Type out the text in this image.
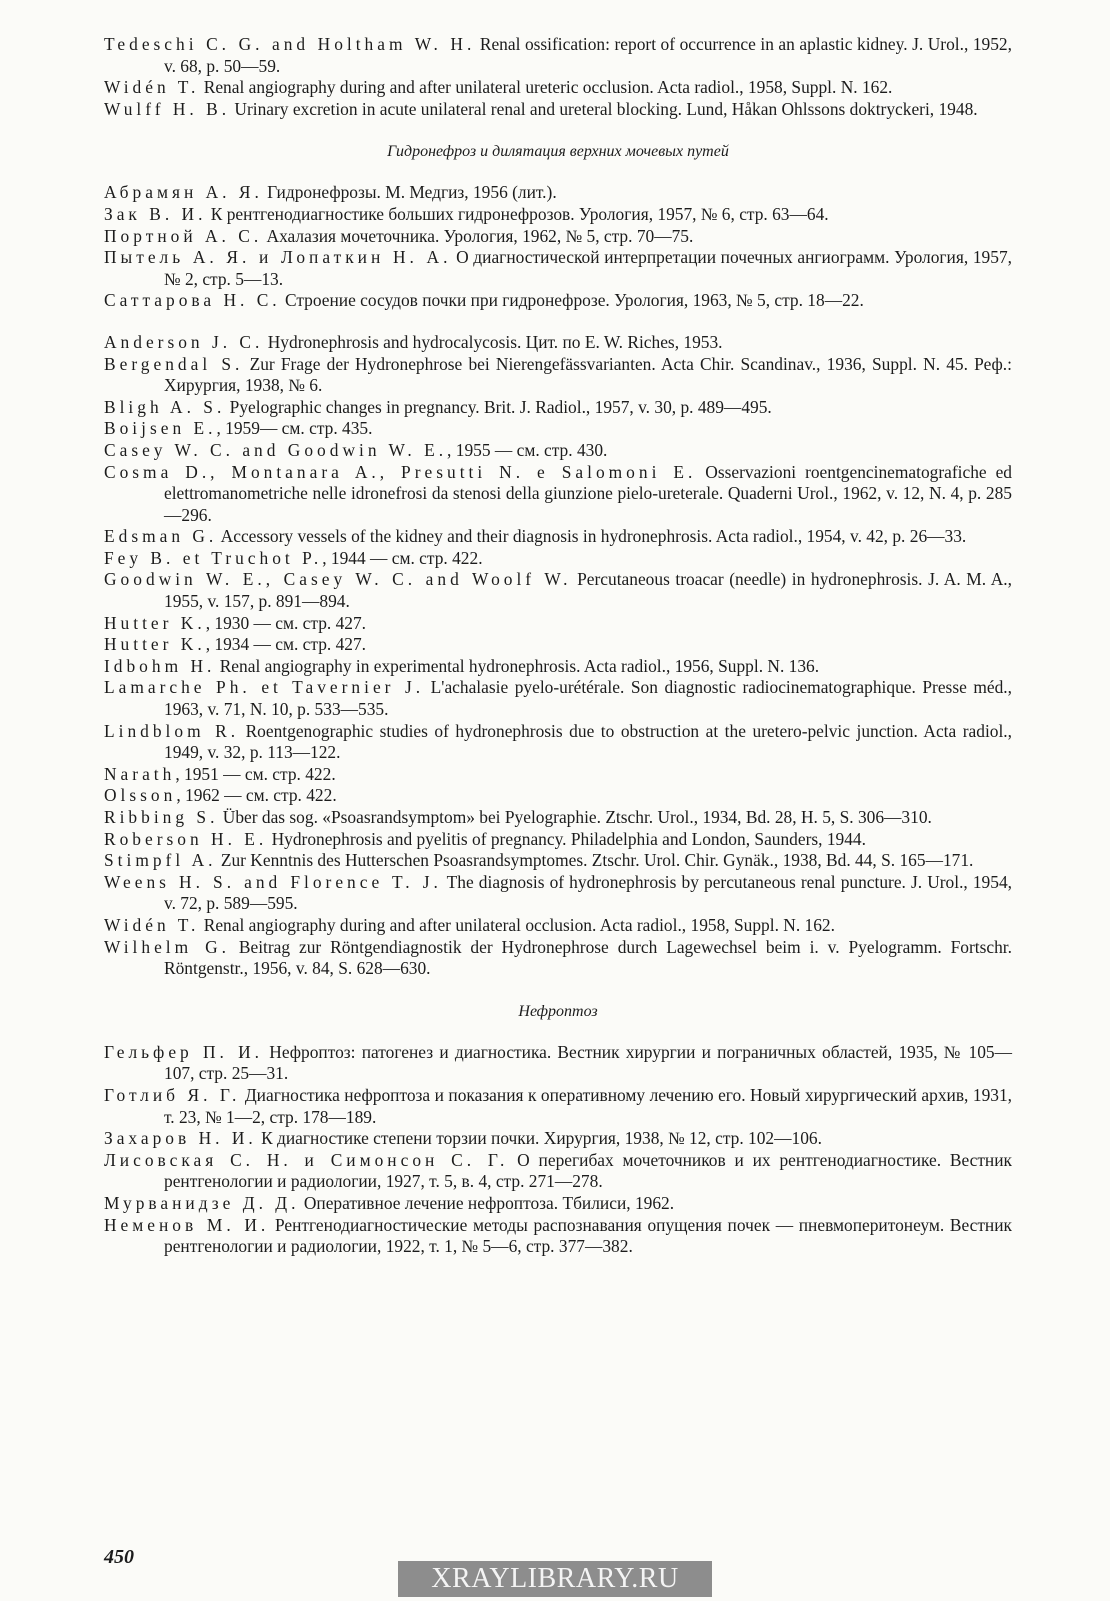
Tedeschi C. G. and Holtham W. H. Renal ossification: report of occurrence in an aplastic kidney. J. Urol., 1952, v. 68, p. 50—59.

Widén T. Renal angiography during and after unilateral ureteric occlusion. Acta radiol., 1958, Suppl. N. 162.

Wulff H. B. Urinary excretion in acute unilateral renal and ureteral blocking. Lund, Håkan Ohlssons doktryckeri, 1948.

Гидронефроз и дилятация верхних мочевых путей

Абрамян А. Я. Гидронефрозы. М. Медгиз, 1956 (лит.).

Зак В. И. К рентгенодиагностике больших гидронефрозов. Урология, 1957, № 6, стр. 63—64.

Портной А. С. Ахалазия мочеточника. Урология, 1962, № 5, стр. 70—75.

Пытель А. Я. и Лопаткин Н. А. О диагностической интерпретации почечных ангиограмм. Урология, 1957, № 2, стр. 5—13.

Саттарова Н. С. Строение сосудов почки при гидронефрозе. Урология, 1963, № 5, стр. 18—22.

Anderson J. C. Hydronephrosis and hydrocalycosis. Цит. по E. W. Riches, 1953.

Bergendal S. Zur Frage der Hydronephrose bei Nierengefässvarianten. Acta Chir. Scandinav., 1936, Suppl. N. 45. Реф.: Хирургия, 1938, № 6.

Bligh A. S. Pyelographic changes in pregnancy. Brit. J. Radiol., 1957, v. 30, p. 489—495.

Boijsen E., 1959— см. стр. 435.

Casey W. C. and Goodwin W. E., 1955 — см. стр. 430.

Cosma D., Montanara A., Presutti N. e Salomoni E. Osservazioni roentgencinematografiche ed elettromanometriche nelle idronefrosi da stenosi della giunzione pielo-ureterale. Quaderni Urol., 1962, v. 12, N. 4, p. 285—296.

Edsman G. Accessory vessels of the kidney and their diagnosis in hydronephrosis. Acta radiol., 1954, v. 42, p. 26—33.

Fey B. et Truchot P., 1944 — см. стр. 422.

Goodwin W. E., Casey W. C. and Woolf W. Percutaneous troacar (needle) in hydronephrosis. J. A. M. A., 1955, v. 157, p. 891—894.

Hutter K., 1930 — см. стр. 427.

Hutter K., 1934 — см. стр. 427.

Idbohm H. Renal angiography in experimental hydronephrosis. Acta radiol., 1956, Suppl. N. 136.

Lamarche Ph. et Tavernier J. L'achalasie pyelo-urétérale. Son diagnostic radiocinematographique. Presse méd., 1963, v. 71, N. 10, p. 533—535.

Lindblom R. Roentgenographic studies of hydronephrosis due to obstruction at the uretero-pelvic junction. Acta radiol., 1949, v. 32, p. 113—122.

Narath, 1951 — см. стр. 422.

Olsson, 1962 — см. стр. 422.

Ribbing S. Über das sog. «Psoasrandsymptom» bei Pyelographie. Ztschr. Urol., 1934, Bd. 28, H. 5, S. 306—310.

Roberson H. E. Hydronephrosis and pyelitis of pregnancy. Philadelphia and London, Saunders, 1944.

Stimpfl A. Zur Kenntnis des Hutterschen Psoasrandsymptomes. Ztschr. Urol. Chir. Gynäk., 1938, Bd. 44, S. 165—171.

Weens H. S. and Florence T. J. The diagnosis of hydronephrosis by percutaneous renal puncture. J. Urol., 1954, v. 72, p. 589—595.

Widén T. Renal angiography during and after unilateral occlusion. Acta radiol., 1958, Suppl. N. 162.

Wilhelm G. Beitrag zur Röntgendiagnostik der Hydronephrose durch Lagewechsel beim i. v. Pyelogramm. Fortschr. Röntgenstr., 1956, v. 84, S. 628—630.

Нефроптоз

Гельфер П. И. Нефроптоз: патогенез и диагностика. Вестник хирургии и пограничных областей, 1935, № 105—107, стр. 25—31.

Готлиб Я. Г. Диагностика нефроптоза и показания к оперативному лечению его. Новый хирургический архив, 1931, т. 23, № 1—2, стр. 178—189.

Захаров Н. И. К диагностике степени торзии почки. Хирургия, 1938, № 12, стр. 102—106.

Лисовская С. Н. и Симонсон С. Г. О перегибах мочеточников и их рентгенодиагностике. Вестник рентгенологии и радиологии, 1927, т. 5, в. 4, стр. 271—278.

Мурванидзе Д. Д. Оперативное лечение нефроптоза. Тбилиси, 1962.

Неменов М. И. Рентгенодиагностические методы распознавания опущения почек — пневмоперитонеум. Вестник рентгенологии и радиологии, 1922, т. 1, № 5—6, стр. 377—382.

450
XRAYLIBRARY.RU
